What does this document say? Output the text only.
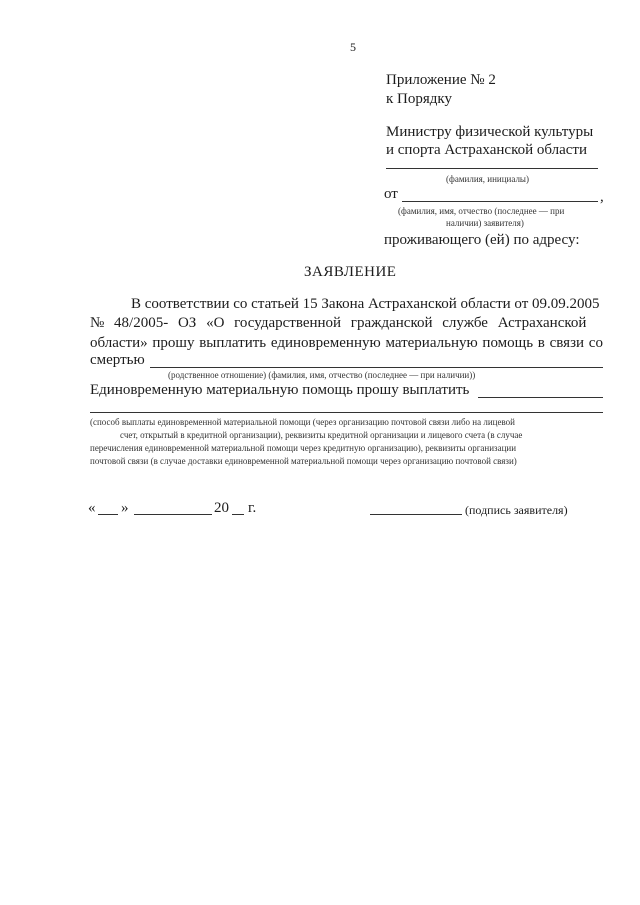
5
Приложение № 2
к Порядку
Министру физической культуры
и спорта Астраханской области
(фамилия, инициалы)
от	,
(фамилия, имя, отчество (последнее — при
наличии) заявителя)
проживающего (ей) по адресу:
ЗАЯВЛЕНИЕ
В соответствии со статьей 15 Закона Астраханской области от 09.09.2005
№ 48/2005- ОЗ «О государственной гражданской службе Астраханской
области» прошу выплатить единовременную материальную помощь в связи со
смертью
(родственное отношение) (фамилия, имя, отчество (последнее — при наличии))
Единовременную материальную помощь прошу выплатить
(способ выплаты единовременной материальной помощи (через организацию почтовой связи либо на лицевой
счет, открытый в кредитной организации), реквизиты кредитной организации и лицевого счета (в случае
перечисления единовременной материальной помощи через кредитную организацию), реквизиты организации
почтовой связи (в случае доставки единовременной материальной помощи через организацию почтовой связи)
« »	20 г.	(подпись заявителя)
